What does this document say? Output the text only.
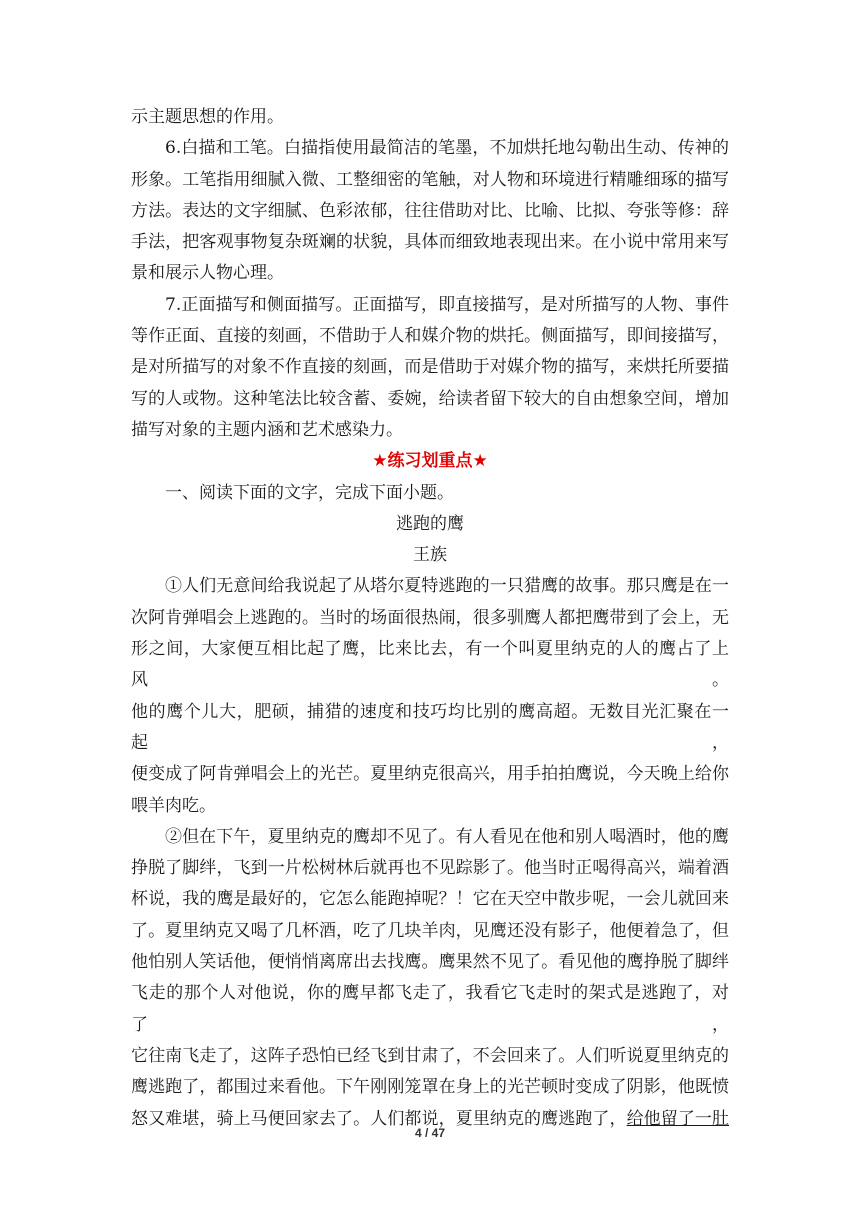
示主题思想的作用。

6.白描和工笔。白描指使用最简洁的笔墨，不加烘托地勾勒出生动、传神的

形象。工笔指用细腻入微、工整细密的笔触，对人物和环境进行精雕细琢的描写

方法。表达的文字细腻、色彩浓郁，往往借助对比、比喻、比拟、夸张等修：辞

手法，把客观事物复杂斑斓的状貌，具体而细致地表现出来。在小说中常用来写

景和展示人物心理。

7.正面描写和侧面描写。正面描写，即直接描写，是对所描写的人物、事件

等作正面、直接的刻画，不借助于人和媒介物的烘托。侧面描写，即间接描写，

是对所描写的对象不作直接的刻画，而是借助于对媒介物的描写，来烘托所要描

写的人或物。这种笔法比较含蓄、委婉，给读者留下较大的自由想象空间，增加

描写对象的主题内涵和艺术感染力。

★练习划重点★

一、阅读下面的文字，完成下面小题。

逃跑的鹰

王族

①人们无意间给我说起了从塔尔夏特逃跑的一只猎鹰的故事。那只鹰是在一

次阿肯弹唱会上逃跑的。当时的场面很热闹，很多驯鹰人都把鹰带到了会上，无

形之间，大家便互相比起了鹰，比来比去，有一个叫夏里纳克的人的鹰占了上风。

他的鹰个儿大，肥硕，捕猎的速度和技巧均比别的鹰高超。无数目光汇聚在一起，

便变成了阿肯弹唱会上的光芒。夏里纳克很高兴，用手拍拍鹰说，今天晚上给你

喂羊肉吃。

②但在下午，夏里纳克的鹰却不见了。有人看见在他和别人喝酒时，他的鹰

挣脱了脚绊，飞到一片松树林后就再也不见踪影了。他当时正喝得高兴，端着酒

杯说，我的鹰是最好的，它怎么能跑掉呢？！它在天空中散步呢，一会儿就回来

了。夏里纳克又喝了几杯酒，吃了几块羊肉，见鹰还没有影子，他便着急了，但

他怕别人笑话他，便悄悄离席出去找鹰。鹰果然不见了。看见他的鹰挣脱了脚绊

飞走的那个人对他说，你的鹰早都飞走了，我看它飞走时的架式是逃跑了，对了，

它往南飞走了，这阵子恐怕已经飞到甘肃了，不会回来了。人们听说夏里纳克的

鹰逃跑了，都围过来看他。下午刚刚笼罩在身上的光芒顿时变成了阴影，他既愤

怒又难堪，骑上马便回家去了。人们都说，夏里纳克的鹰逃跑了，给他留了一肚

4 / 47
